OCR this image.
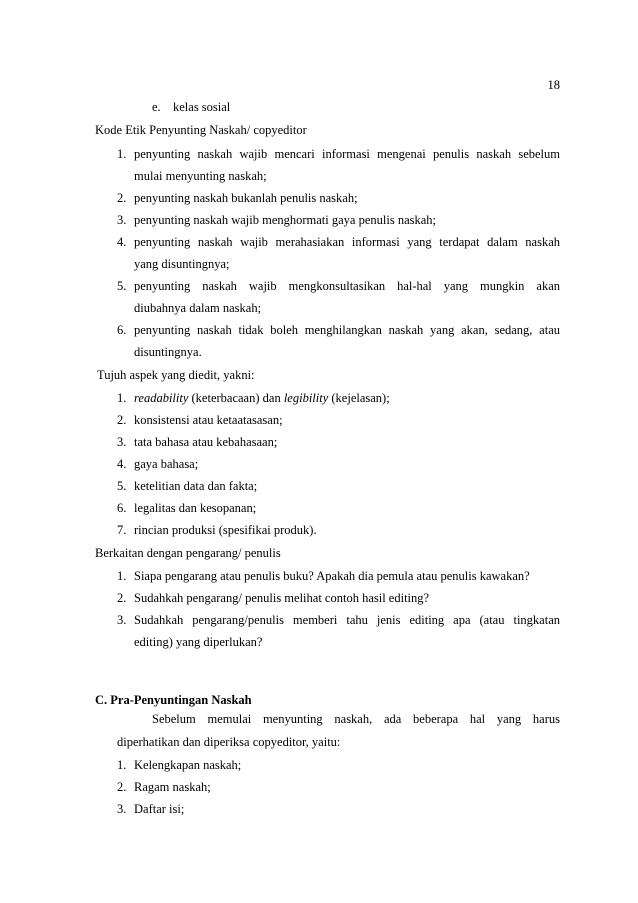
18
e. kelas sosial
Kode Etik Penyunting Naskah/ copyeditor
1. penyunting naskah wajib mencari informasi mengenai penulis naskah sebelum
mulai menyunting naskah;
2. penyunting naskah bukanlah penulis naskah;
3. penyunting naskah wajib menghormati gaya penulis naskah;
4. penyunting naskah wajib merahasiakan informasi yang terdapat dalam naskah
yang disuntingnya;
5. penyunting naskah wajib mengkonsultasikan hal-hal yang mungkin akan
diubahnya dalam naskah;
6. penyunting naskah tidak boleh menghilangkan naskah yang akan, sedang, atau
disuntingnya.
Tujuh aspek yang diedit, yakni:
1. readability (keterbacaan) dan legibility (kejelasan);
2. konsistensi atau ketaatasasan;
3. tata bahasa atau kebahasaan;
4. gaya bahasa;
5. ketelitian data dan fakta;
6. legalitas dan kesopanan;
7. rincian produksi (spesifikai produk).
Berkaitan dengan pengarang/ penulis
1. Siapa pengarang atau penulis buku? Apakah dia pemula atau penulis kawakan?
2. Sudahkah pengarang/ penulis melihat contoh hasil editing?
3. Sudahkah pengarang/penulis memberi tahu jenis editing apa (atau tingkatan
editing) yang diperlukan?
C. Pra-Penyuntingan Naskah
Sebelum memulai menyunting naskah, ada beberapa hal yang harus
diperhatikan dan diperiksa copyeditor, yaitu:
1. Kelengkapan naskah;
2. Ragam naskah;
3. Daftar isi;
